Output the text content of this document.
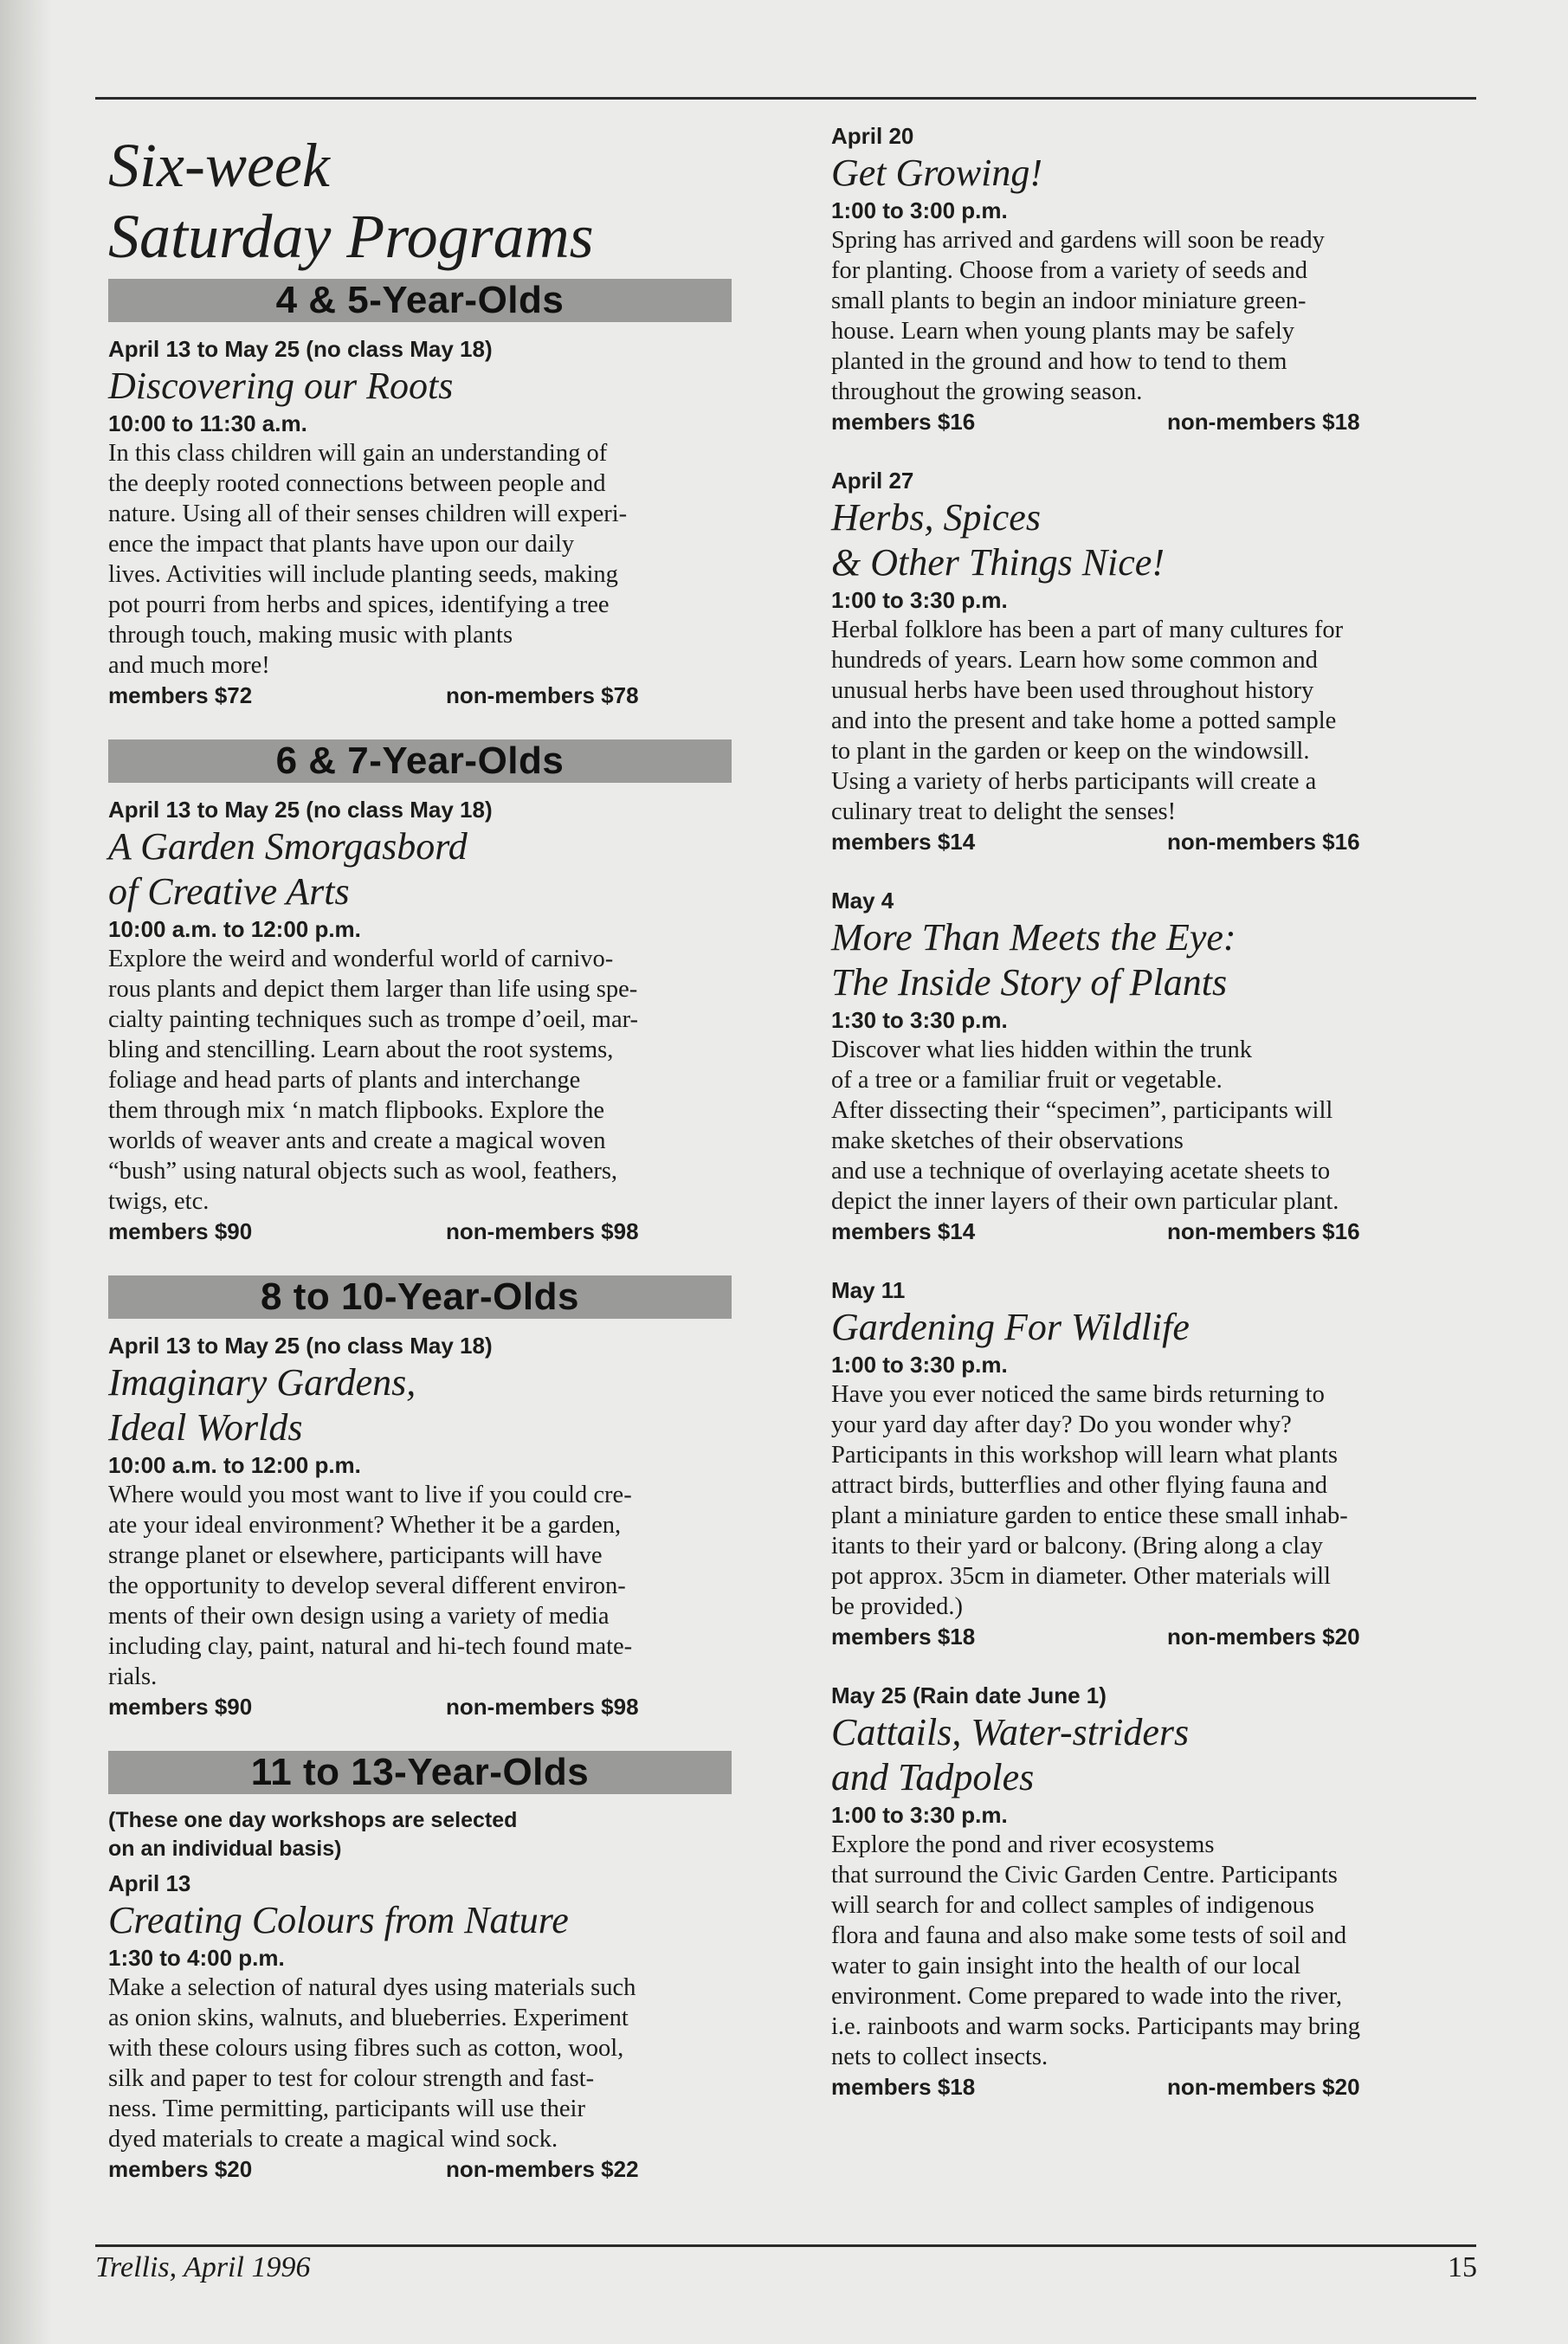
Six-week
Saturday Programs
4 & 5-Year-Olds
April 13 to May 25 (no class May 18)
Discovering our Roots
10:00 to 11:30 a.m.
In this class children will gain an understanding of
the deeply rooted connections between people and
nature. Using all of their senses children will experi-
ence the impact that plants have upon our daily
lives. Activities will include planting seeds, making
pot pourri from herbs and spices, identifying a tree
through touch, making music with plants
and much more!
members $72	non-members $78
6 & 7-Year-Olds
April 13 to May 25 (no class May 18)
A Garden Smorgasbord
of Creative Arts
10:00 a.m. to 12:00 p.m.
Explore the weird and wonderful world of carnivo-
rous plants and depict them larger than life using spe-
cialty painting techniques such as trompe d’oeil, mar-
bling and stencilling. Learn about the root systems,
foliage and head parts of plants and interchange
them through mix ‘n match flipbooks. Explore the
worlds of weaver ants and create a magical woven
“bush” using natural objects such as wool, feathers,
twigs, etc.
members $90	non-members $98
8 to 10-Year-Olds
April 13 to May 25 (no class May 18)
Imaginary Gardens,
Ideal Worlds
10:00 a.m. to 12:00 p.m.
Where would you most want to live if you could cre-
ate your ideal environment? Whether it be a garden,
strange planet or elsewhere, participants will have
the opportunity to develop several different environ-
ments of their own design using a variety of media
including clay, paint, natural and hi-tech found mate-
rials.
members $90	non-members $98
11 to 13-Year-Olds
(These one day workshops are selected
on an individual basis)
April 13
Creating Colours from Nature
1:30 to 4:00 p.m.
Make a selection of natural dyes using materials such
as onion skins, walnuts, and blueberries. Experiment
with these colours using fibres such as cotton, wool,
silk and paper to test for colour strength and fast-
ness. Time permitting, participants will use their
dyed materials to create a magical wind sock.
members $20	non-members $22
April 20
Get Growing!
1:00 to 3:00 p.m.
Spring has arrived and gardens will soon be ready
for planting. Choose from a variety of seeds and
small plants to begin an indoor miniature green-
house. Learn when young plants may be safely
planted in the ground and how to tend to them
throughout the growing season.
members $16	non-members $18
April 27
Herbs, Spices
& Other Things Nice!
1:00 to 3:30 p.m.
Herbal folklore has been a part of many cultures for
hundreds of years. Learn how some common and
unusual herbs have been used throughout history
and into the present and take home a potted sample
to plant in the garden or keep on the windowsill.
Using a variety of herbs participants will create a
culinary treat to delight the senses!
members $14	non-members $16
May 4
More Than Meets the Eye:
The Inside Story of Plants
1:30 to 3:30 p.m.
Discover what lies hidden within the trunk
of a tree or a familiar fruit or vegetable.
After dissecting their “specimen”, participants will
make sketches of their observations
and use a technique of overlaying acetate sheets to
depict the inner layers of their own particular plant.
members $14	non-members $16
May 11
Gardening For Wildlife
1:00 to 3:30 p.m.
Have you ever noticed the same birds returning to
your yard day after day? Do you wonder why?
Participants in this workshop will learn what plants
attract birds, butterflies and other flying fauna and
plant a miniature garden to entice these small inhab-
itants to their yard or balcony. (Bring along a clay
pot approx. 35cm in diameter. Other materials will
be provided.)
members $18	non-members $20
May 25 (Rain date June 1)
Cattails, Water-striders
and Tadpoles
1:00 to 3:30 p.m.
Explore the pond and river ecosystems
that surround the Civic Garden Centre. Participants
will search for and collect samples of indigenous
flora and fauna and also make some tests of soil and
water to gain insight into the health of our local
environment. Come prepared to wade into the river,
i.e. rainboots and warm socks. Participants may bring
nets to collect insects.
members $18	non-members $20
Trellis, April 1996	15
